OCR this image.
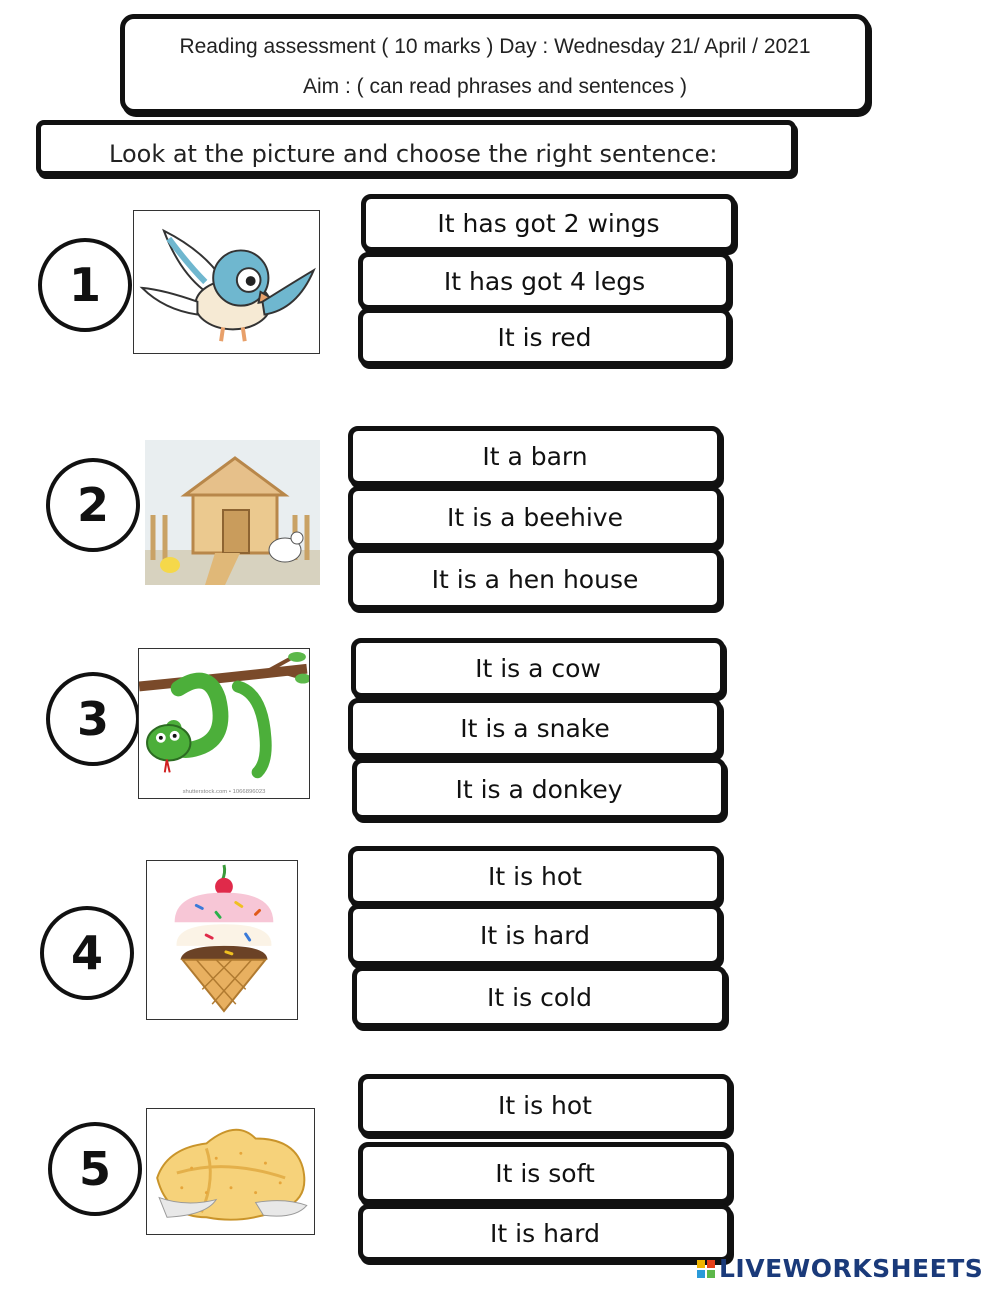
Reading assessment ( 10 marks ) Day : Wednesday 21/ April / 2021
Aim : ( can read phrases and sentences )
Look at the picture and choose the right sentence:
1
It has got 2 wings
It has got 4 legs
It is red
2
It a barn
It is a beehive
It is a hen house
3
shutterstock.com • 1066896023
It is a cow
It is a snake
It is a donkey
4
It is hot
It is hard
It is cold
5
It is hot
It is soft
It is hard
LIVEWORKSHEETS
